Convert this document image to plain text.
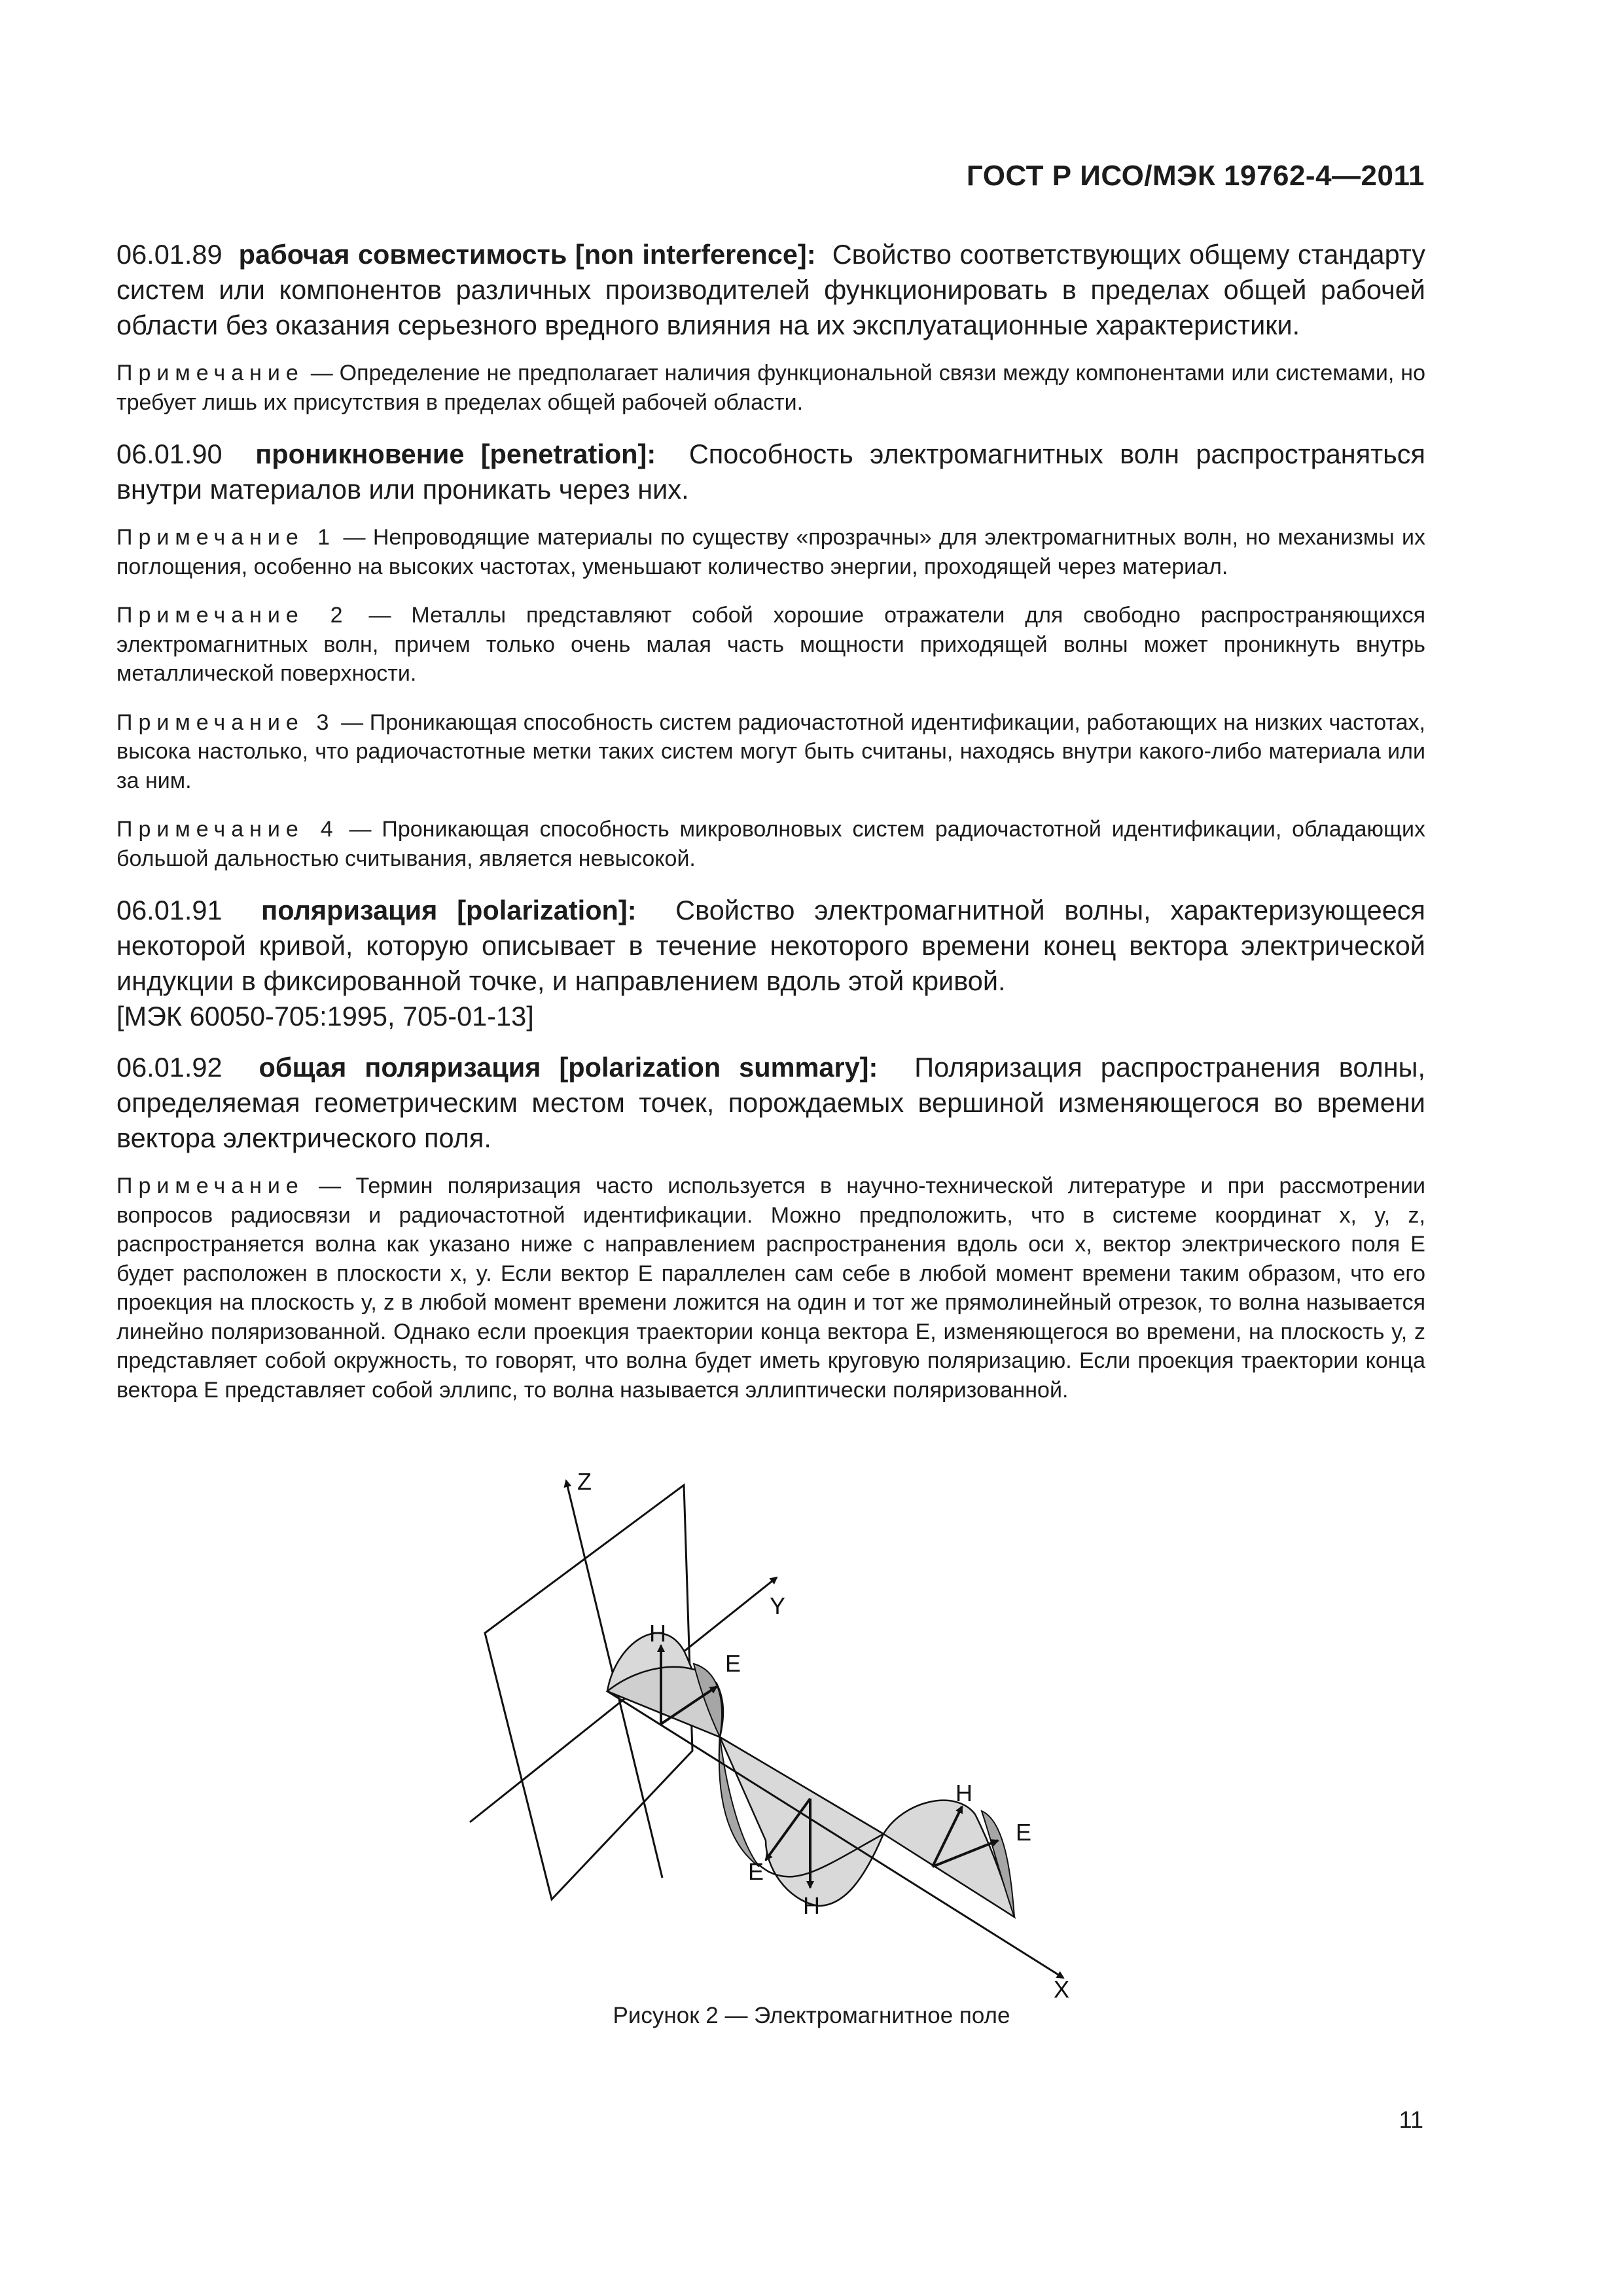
ГОСТ Р ИСО/МЭК 19762-4—2011

06.01.89 рабочая совместимость [non interference]: Свойство соответствующих общему стандарту систем или компонентов различных производителей функционировать в пределах общей рабочей области без оказания серьезного вредного влияния на их эксплуатационные характеристики.

Примечание — Определение не предполагает наличия функциональной связи между компонентами или системами, но требует лишь их присутствия в пределах общей рабочей области.

06.01.90 проникновение [penetration]: Способность электромагнитных волн распространяться внутри материалов или проникать через них.

Примечание 1 — Непроводящие материалы по существу «прозрачны» для электромагнитных волн, но механизмы их поглощения, особенно на высоких частотах, уменьшают количество энергии, проходящей через материал.

Примечание 2 — Металлы представляют собой хорошие отражатели для свободно распространяющихся электромагнитных волн, причем только очень малая часть мощности приходящей волны может проникнуть внутрь металлической поверхности.

Примечание 3 — Проникающая способность систем радиочастотной идентификации, работающих на низких частотах, высока настолько, что радиочастотные метки таких систем могут быть считаны, находясь внутри какого-либо материала или за ним.

Примечание 4 — Проникающая способность микроволновых систем радиочастотной идентификации, обладающих большой дальностью считывания, является невысокой.

06.01.91 поляризация [polarization]: Свойство электромагнитной волны, характеризующееся некоторой кривой, которую описывает в течение некоторого времени конец вектора электрической индукции в фиксированной точке, и направлением вдоль этой кривой.

[МЭК 60050-705:1995, 705-01-13]

06.01.92 общая поляризация [polarization summary]: Поляризация распространения волны, определяемая геометрическим местом точек, порождаемых вершиной изменяющегося во времени вектора электрического поля.

Примечание — Термин поляризация часто используется в научно-технической литературе и при рассмотрении вопросов радиосвязи и радиочастотной идентификации. Можно предположить, что в системе координат x, y, z, распространяется волна как указано ниже с направлением распространения вдоль оси x, вектор электрического поля E будет расположен в плоскости x, y. Если вектор E параллелен сам себе в любой момент времени таким образом, что его проекция на плоскость y, z в любой момент времени ложится на один и тот же прямолинейный отрезок, то волна называется линейно поляризованной. Однако если проекция траектории конца вектора E, изменяющегося во времени, на плоскость y, z представляет собой окружность, то говорят, что волна будет иметь круговую поляризацию. Если проекция траектории конца вектора E представляет собой эллипс, то волна называется эллиптически поляризованной.

Z
Y
X
H
E
E
H
H
E
Рисунок 2 — Электромагнитное поле
11
